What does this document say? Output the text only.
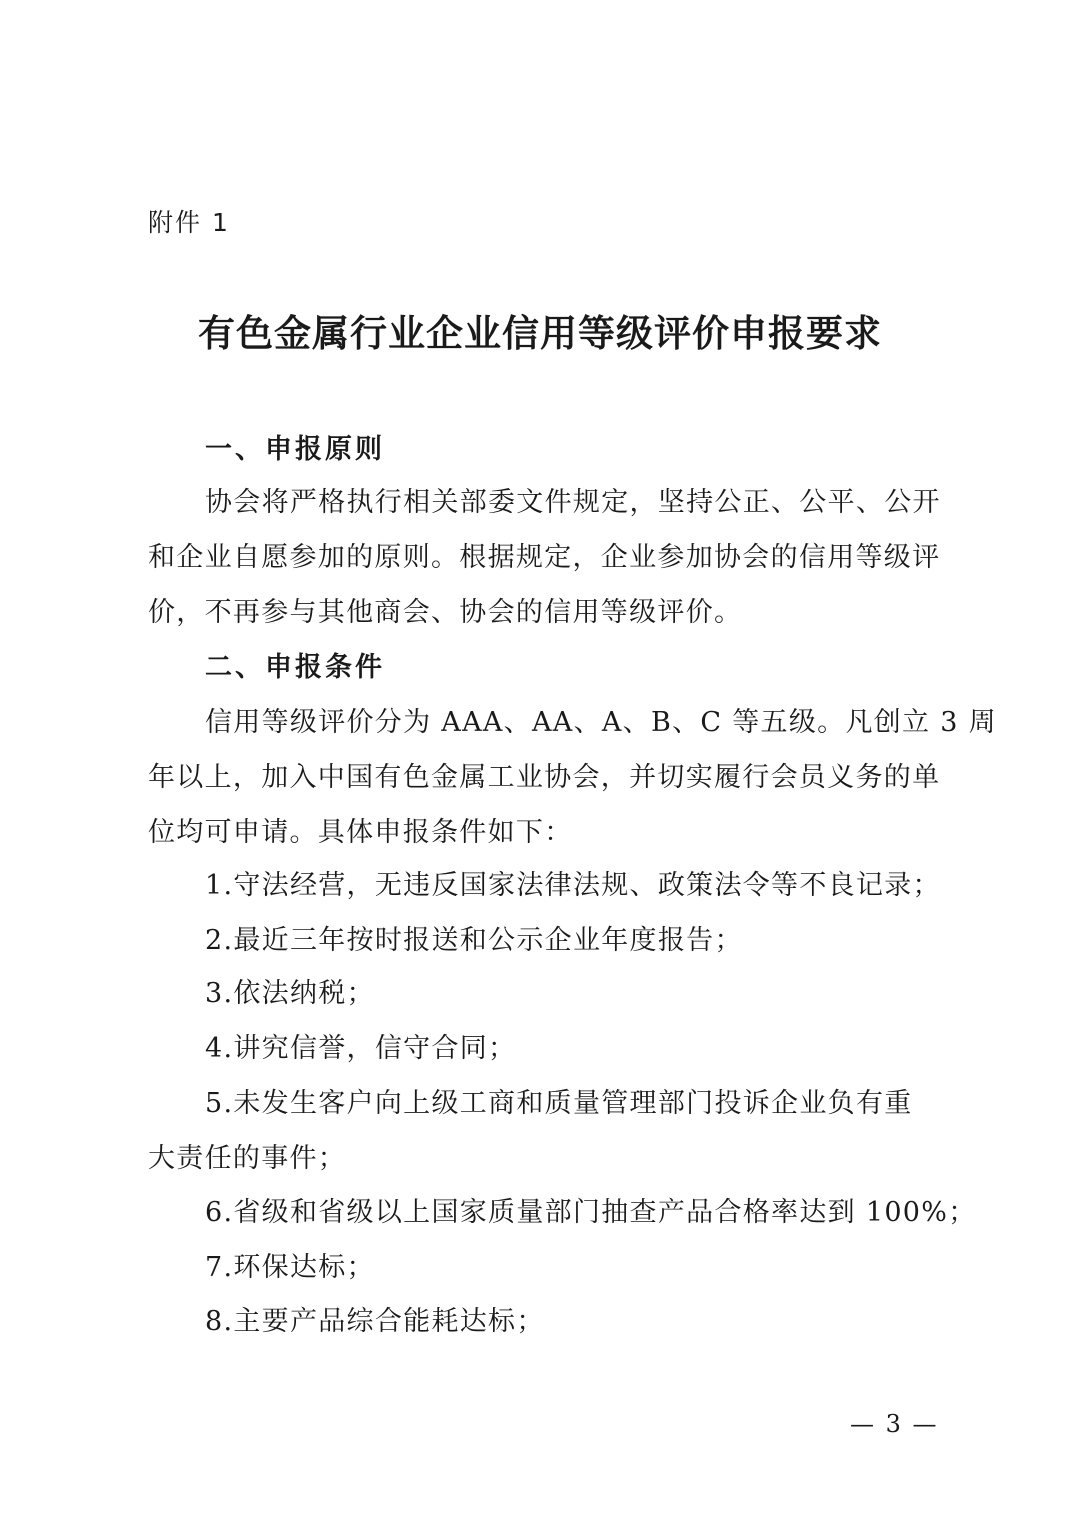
附件 1
有色金属行业企业信用等级评价申报要求
一、申报原则
协会将严格执行相关部委文件规定，坚持公正、公平、公开
和企业自愿参加的原则。根据规定，企业参加协会的信用等级评
价，不再参与其他商会、协会的信用等级评价。
二、申报条件
信用等级评价分为 AAA、AA、A、B、C 等五级。凡创立 3 周
年以上，加入中国有色金属工业协会，并切实履行会员义务的单
位均可申请。具体申报条件如下：
1.守法经营，无违反国家法律法规、政策法令等不良记录；
2.最近三年按时报送和公示企业年度报告；
3.依法纳税；
4.讲究信誉，信守合同；
5.未发生客户向上级工商和质量管理部门投诉企业负有重
大责任的事件；
6.省级和省级以上国家质量部门抽查产品合格率达到 100%；
7.环保达标；
8.主要产品综合能耗达标；
— 3 —
